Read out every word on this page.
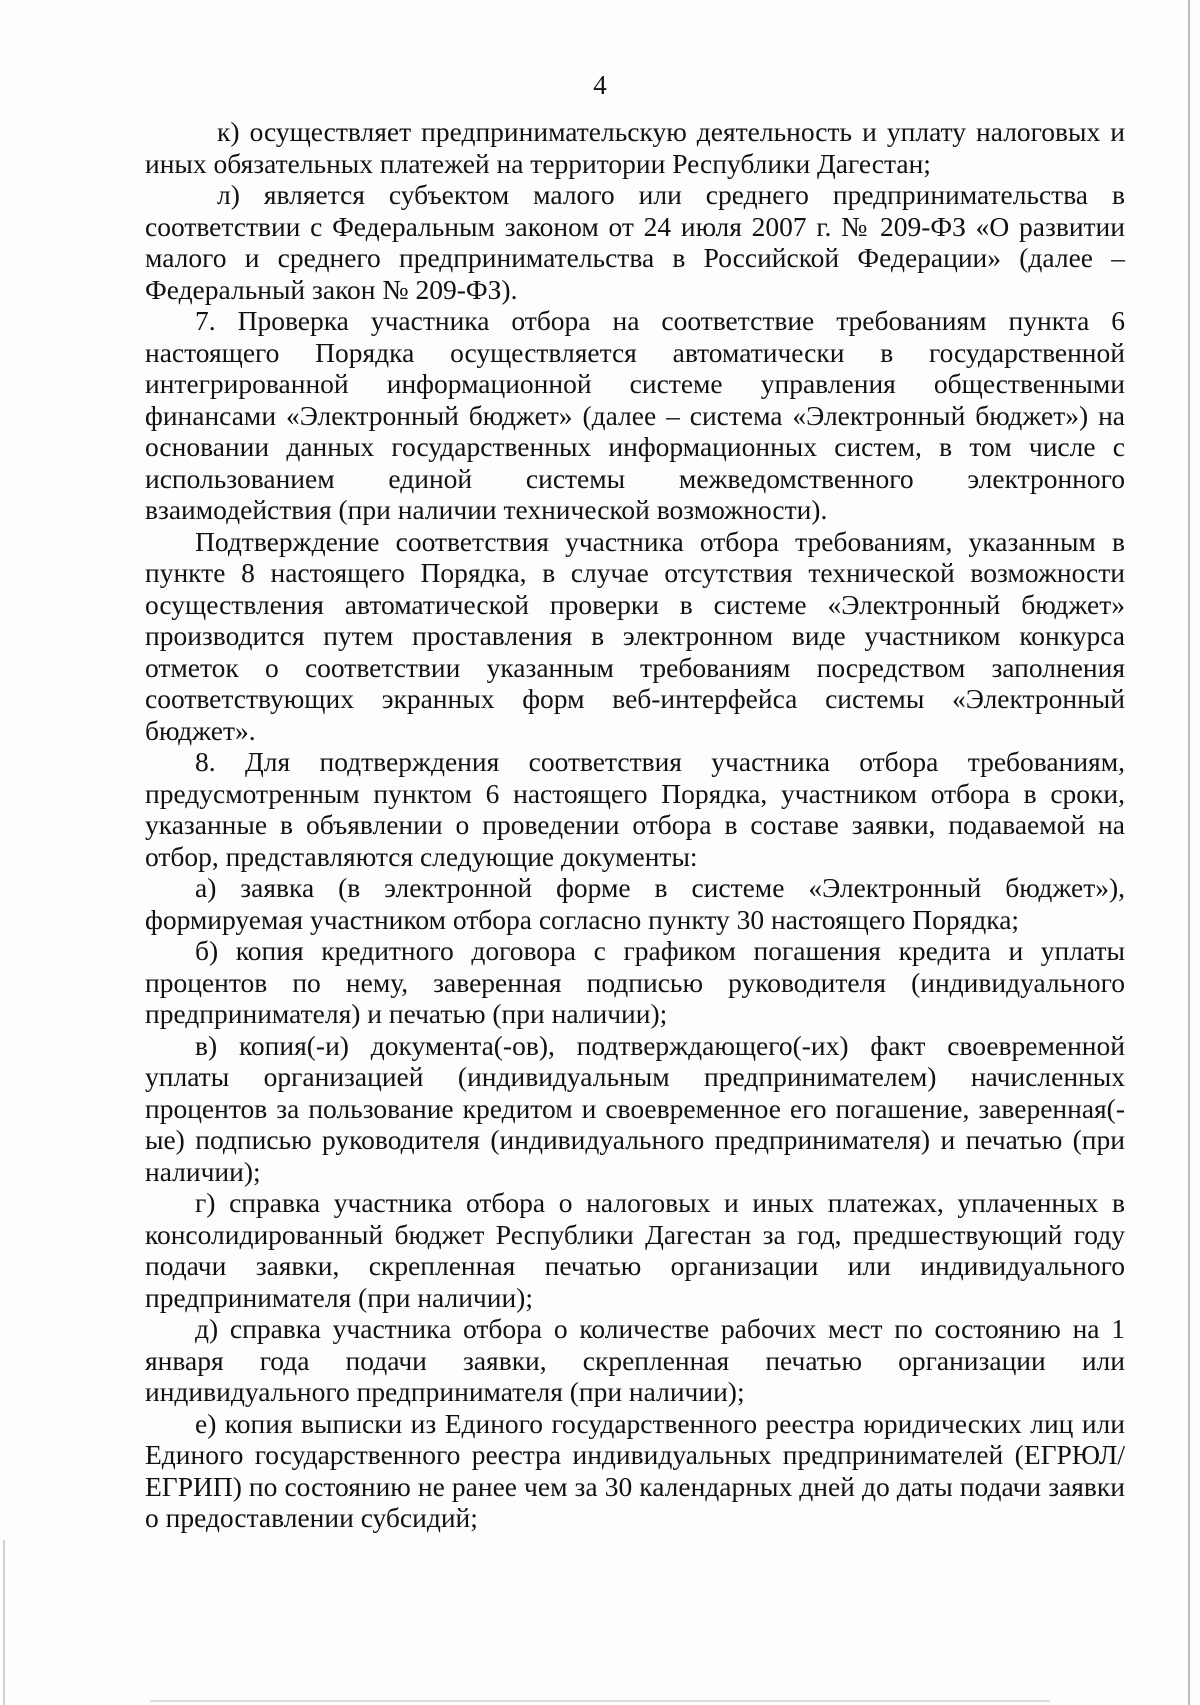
4

к) осуществляет предпринимательскую деятельность и уплату налоговых и иных обязательных платежей на территории Республики Дагестан;

л) является субъектом малого или среднего предпринимательства в соответствии с Федеральным законом от 24 июля 2007 г. № 209-ФЗ «О развитии малого и среднего предпринимательства в Российской Федерации» (далее – Федеральный закон № 209-ФЗ).

7. Проверка участника отбора на соответствие требованиям пункта 6 настоящего Порядка осуществляется автоматически в государственной интегрированной информационной системе управления общественными финансами «Электронный бюджет» (далее – система «Электронный бюджет») на основании данных государственных информационных систем, в том числе с использованием единой системы межведомственного электронного взаимодействия (при наличии технической возможности).

Подтверждение соответствия участника отбора требованиям, указанным в пункте 8 настоящего Порядка, в случае отсутствия технической возможности осуществления автоматической проверки в системе «Электронный бюджет» производится путем проставления в электронном виде участником конкурса отметок о соответствии указанным требованиям посредством заполнения соответствующих экранных форм веб-интерфейса системы «Электронный бюджет».

8. Для подтверждения соответствия участника отбора требованиям, предусмотренным пунктом 6 настоящего Порядка, участником отбора в сроки, указанные в объявлении о проведении отбора в составе заявки, подаваемой на отбор, представляются следующие документы:

а) заявка (в электронной форме в системе «Электронный бюджет»), формируемая участником отбора согласно пункту 30 настоящего Порядка;

б) копия кредитного договора с графиком погашения кредита и уплаты процентов по нему, заверенная подписью руководителя (индивидуального предпринимателя) и печатью (при наличии);

в) копия(-и) документа(-ов), подтверждающего(-их) факт своевременной уплаты организацией (индивидуальным предпринимателем) начисленных процентов за пользование кредитом и своевременное его погашение, заверенная(-ые) подписью руководителя (индивидуального предпринимателя) и печатью (при наличии);

г) справка участника отбора о налоговых и иных платежах, уплаченных в консолидированный бюджет Республики Дагестан за год, предшествующий году подачи заявки, скрепленная печатью организации или индивидуального предпринимателя (при наличии);

д) справка участника отбора о количестве рабочих мест по состоянию на 1 января года подачи заявки, скрепленная печатью организации или индивидуального предпринимателя (при наличии);

е) копия выписки из Единого государственного реестра юридических лиц или Единого государственного реестра индивидуальных предпринимателей (ЕГРЮЛ/ЕГРИП) по состоянию не ранее чем за 30 календарных дней до даты подачи заявки о предоставлении субсидий;
